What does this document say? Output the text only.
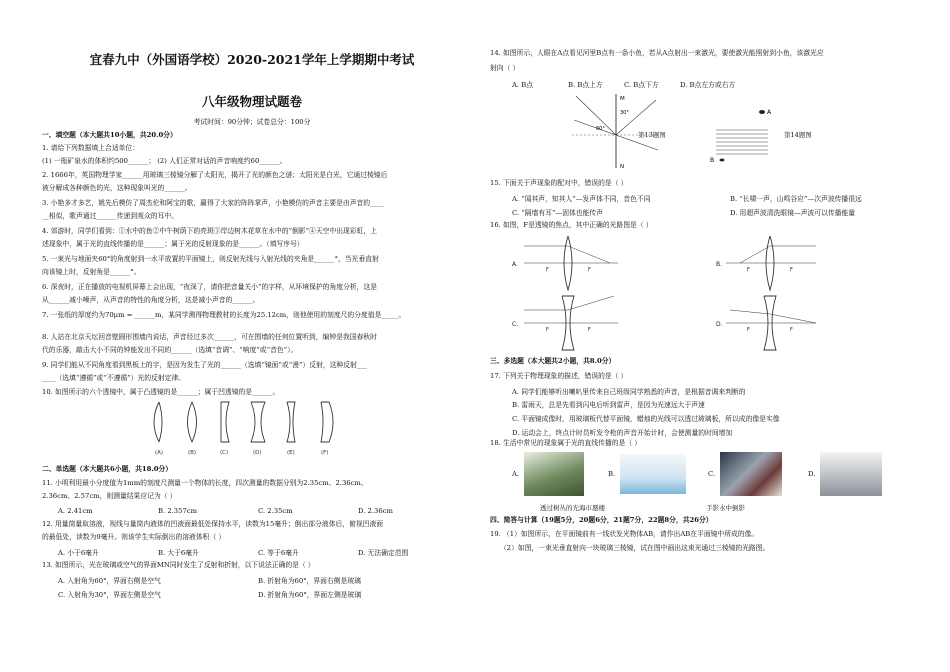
宜春九中（外国语学校）2020-2021学年上学期期中考试
八年级物理试题卷
考试时间：90分钟；试卷总分：100分
一、填空题（本大题共10小题，共20.0分）
1. 请给下列数据填上合适单位：
(1) 一瓶矿泉水的体积约500______； (2) 人们正常对话的声音响度约60______。
2. 1666年，英国物理学家______用玻璃三棱镜分解了太阳光，揭开了光的颜色之谜；太阳光是白光，它通过棱镜后
被分解成各种颜色的光，这种现象叫光的______。
3. 小艳多才多艺，姚先后模仿了周杰伦和阿宝的歌，赢得了大家的阵阵掌声，小艳模仿的声音主要是由声音的____
__相似，歌声通过______传递到观众的耳中。
4. 郊游时，同学们看到：①水中的鱼②中午树荫下的亮斑③岸边树木花草在水中的“倒影”④天空中出现彩虹，上
述现象中，属于光的直线传播的是______；属于光的反射现象的是______。（填写序号）
5. 一束光与地面夹60°的角度射到一水平放置的平面镜上，则反射光线与入射光线的夹角是______°，当光垂直射
向该镜上时，反射角是______°。
6. 深夜时，正在播放的电视机屏幕上会出现，“夜深了，请你把音量关小”的字样，从环境保护的角度分析，这是
从______减小噪声，从声音的特性的角度分析，这是减小声音的______。
7. 一张纸的厚度约为70μm = ______m，某同学测得物理教材的长度为25.12cm，则他使用的刻度尺的分度值是_____。
8. 人站在北京天坛回音壁圆形围墙内说话，声音经过多次______，可在围墙的任何位置听到，编钟是我国春秋时
代的乐器，敲击大小不同的钟能发出不同的______（选填“音调”、“响度”或“音色”）。
9. 同学们能从不同角度看到黑板上的字，是因为发生了光的______（选填“镜面”或“漫”）反射，这种反射___
____（选填“遵循”或“不遵循”）光的反射定律。
10. 如图所示的六个透镜中，属于凸透镜的是______；属于凹透镜的是______。
(A)	(B)	(C)	(D)	(E)	(F)
二、单选题（本大题共6小题，共18.0分）
11. 小明利用最小分度值为1mm的刻度尺测量一个物体的长度，四次测量的数据分别为2.35cm、2.36cm、
2.36cm、2.57cm，则测量结果应记为（ ）
A. 2.41cm	B. 2.357cm	C. 2.35cm	D. 2.36cm
12. 用量筒量取溶液，视线与量筒内液体的凹液面最低处保持水平，读数为15毫升；倒出部分液体后，俯视凹液面
的最低处，读数为9毫升。则该学生实际倒出的溶液体积（ ）
A. 小于6毫升	B. 大于6毫升	C. 等于6毫升	D. 无法确定范围
13. 如图所示，光在玻璃或空气的界面MN同时发生了反射和折射，以下说法正确的是（ ）
A. 入射角为60°，界面右侧是空气	B. 折射角为60°，界面右侧是玻璃
C. 入射角为30°，界面左侧是空气	D. 折射角为60°，界面左侧是玻璃
14. 如图所示，人眼在A点看见河里B点有一条小鱼，若从A点射出一束激光，要使激光能照射到小鱼，该激光应
射向（ ）
A. B点	B. B点上方	C. B点下方	D. B点左方或右方
M
N
60°
30°
第13题图
A
B
第14题图
15. 下面关于声现象的配对中，错误的是（ ）
A. “闻其声，知其人”—发声体不同，音色不同	B. “长啸一声，山鸣谷应”—次声波传播很远
C. “隔墙有耳”—固体也能传声	D. 用超声波清洗眼镜—声波可以传播能量
16. 如图，F是透镜的焦点，其中正确的光路图是（ ）
A.	B.
C.	D.
F	F	F	F
F	F	F	F
三、多选题（本大题共2小题，共8.0分）
17. 下列关于物理现象的描述，错误的是（ ）
A. 同学们能够听出喇叭里传来自己班级同学熟悉的声音，是根据音调来判断的
B. 雷雨天，总是先看到闪电后听到雷声，是因为光速远大于声速
C. 平面镜成像时，用玻璃板代替平面镜，蜡烛的光线可以透过玻璃板，所以成的像是实像
D. 运动会上，终点计时员听发令枪的声音开始计时，会使测量的时间增加
18. 生活中常见的现象属于光的直线传播的是（ ）
A.	B.	C.	D.
透过树丛的光海市蜃楼	手影水中倒影
四、简答与计算（19题5分，20题6分，21题7分，22题8分，共26分）
19. （1）如图所示，在平面镜前有一线状发光物体AB，请作出AB在平面镜中所成的像。
（2）如图，一束光垂直射向一块玻璃三棱镜，试在图中画出这束光通过三棱镜的光路图。
